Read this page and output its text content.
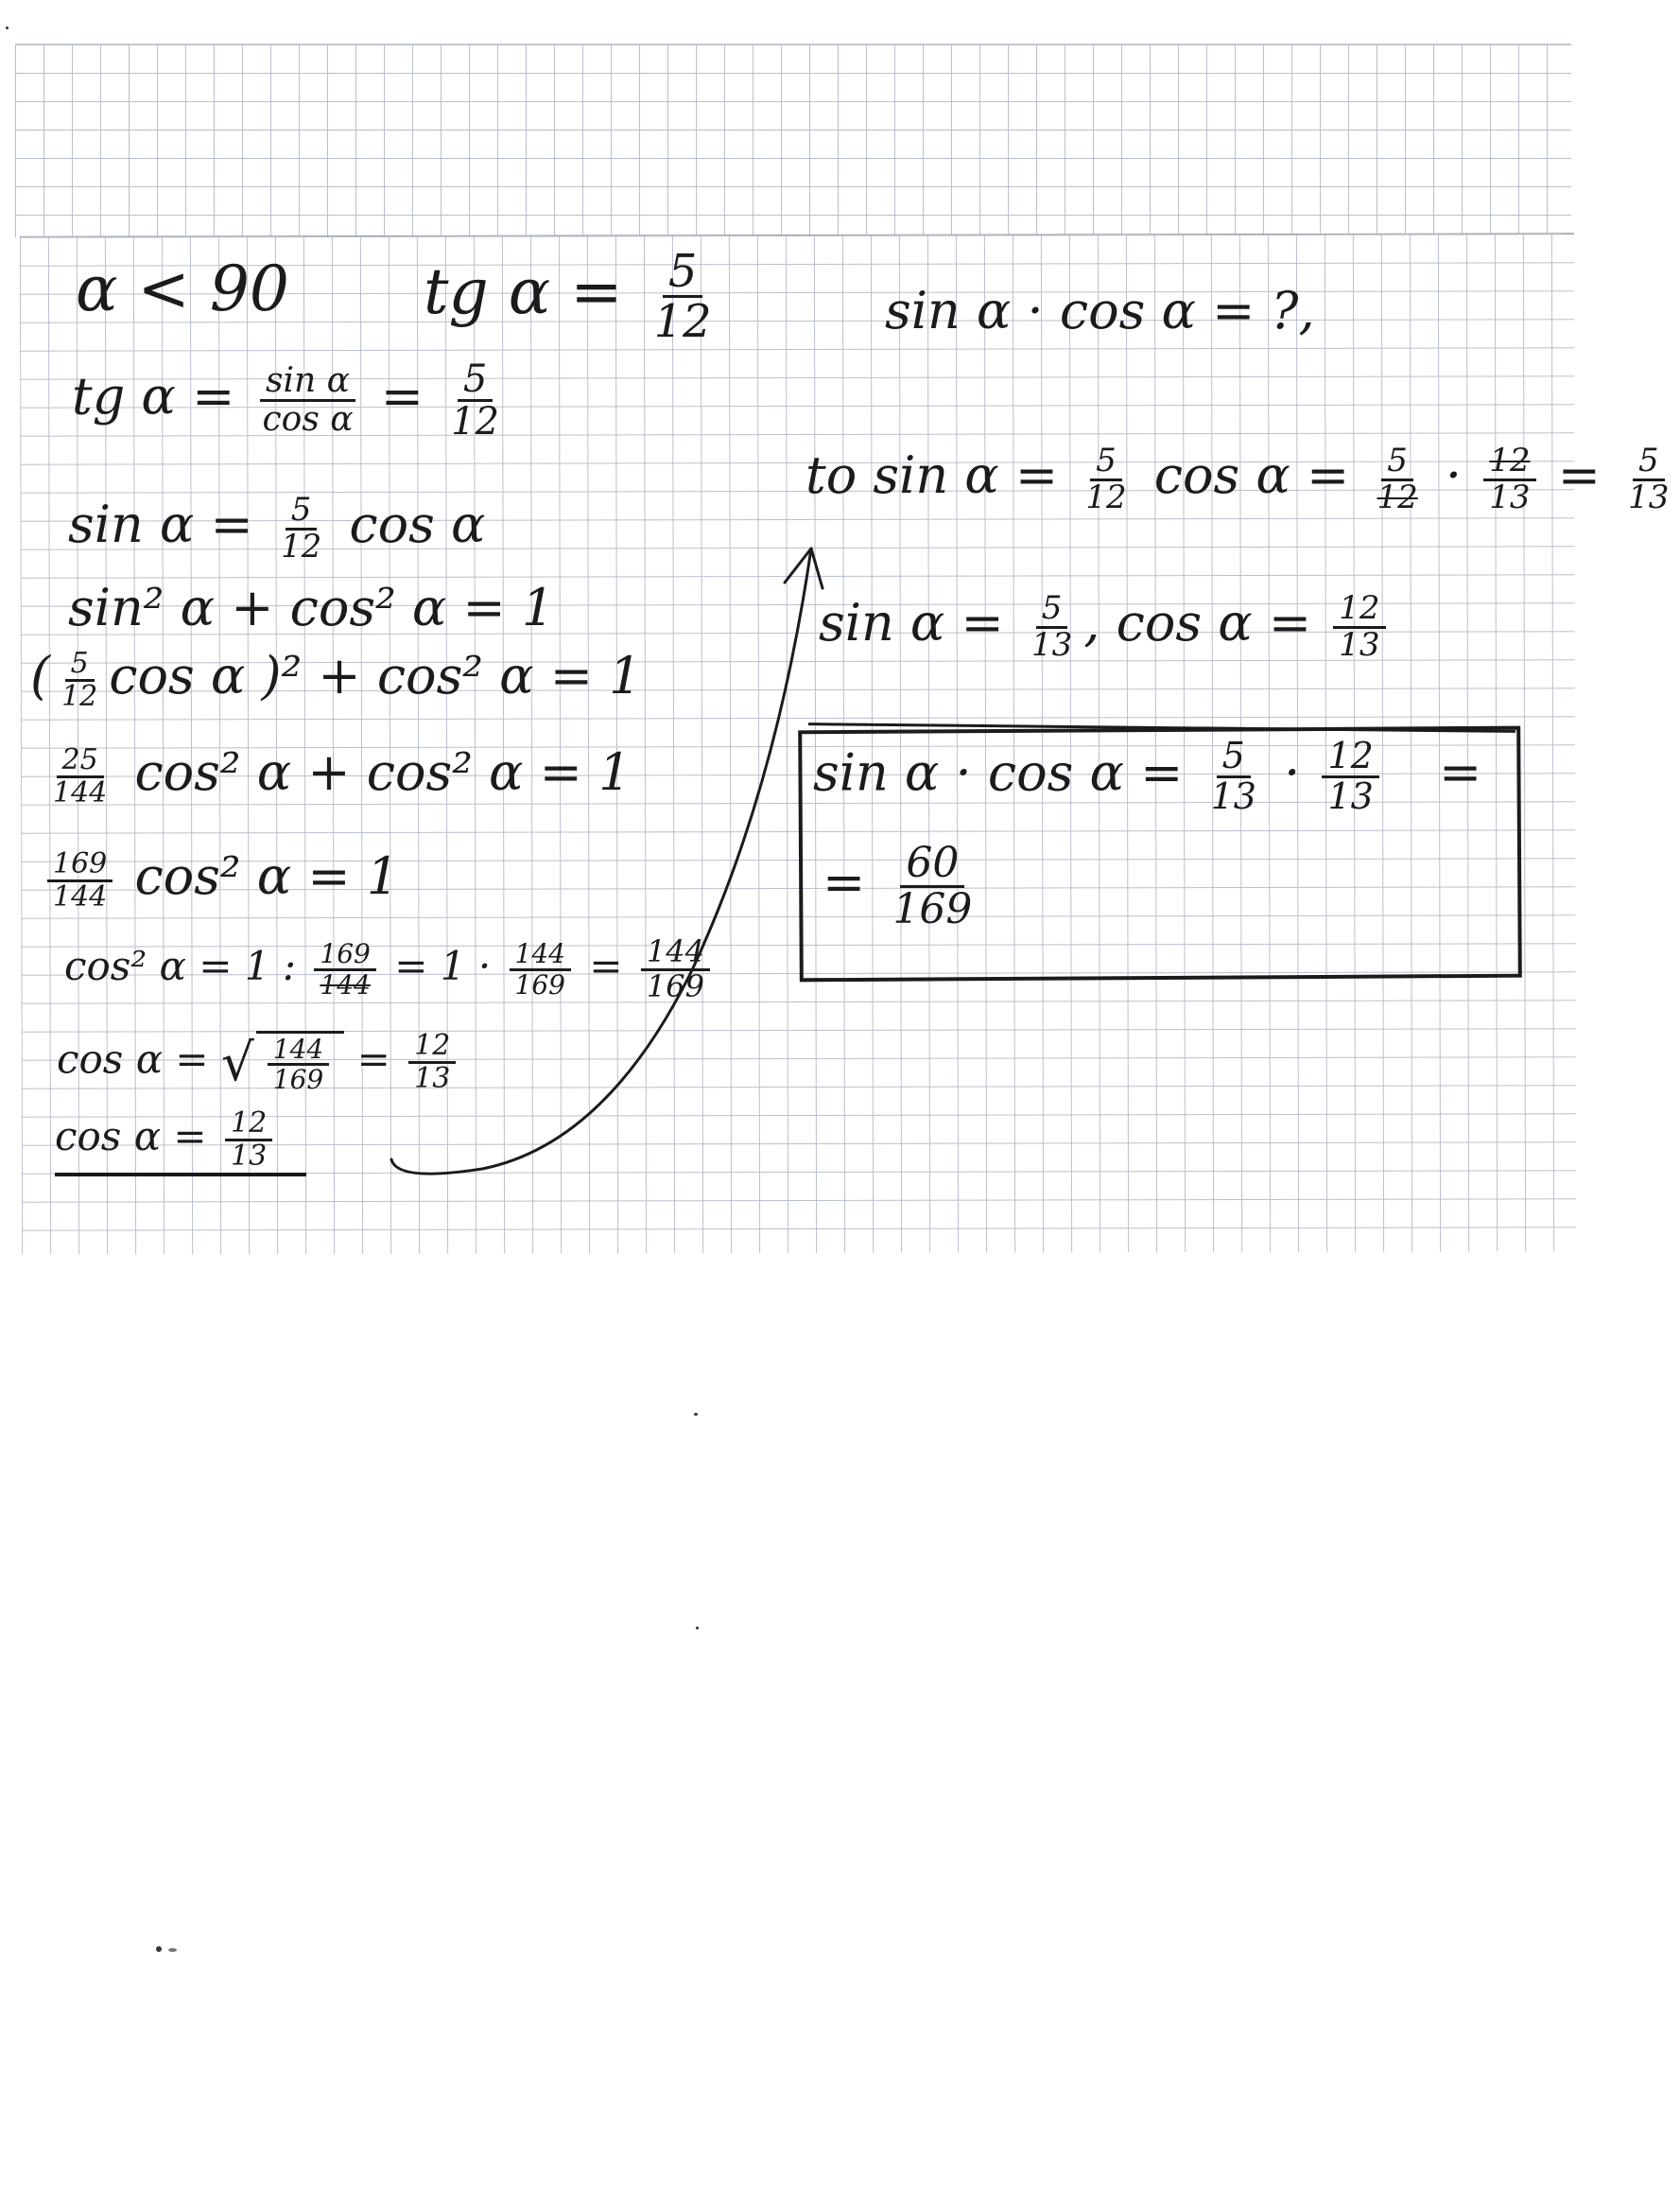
α < 90 tg $\alpha = \frac{5}{12}$
tg $\alpha = \frac{\text{sin α}}{\text{cos α}} = \frac{5}{12}$
$\sin \alpha = \frac{5}{12}$ cos α
sin² α + cos² α = 1
( $\frac{5}{12}$ cos α )² + cos² α = 1
$\frac{25}{144} \cos^2$ α + cos² α = 1
$\frac{169}{144} \cos^2$ α = 1
cos² α = 1 : $\frac{169}{144} = 1 \cdot \frac{144}{169} = \frac{144}{169}$
cos α = √ $\frac{144}{169} = \frac{12}{13}$
$\cos \alpha = \frac{12}{13}$
sin α · cos α = ?,
to $\sin \alpha = \frac{5}{12}$ $\cos \alpha = \frac{5}{12} \cdot \frac{12}{13} = \frac{5}{13}$
$\sin \alpha = \frac{5}{13}$ , $\cos \alpha = \frac{12}{13}$
$\sin \alpha \cdot \cos \alpha = \frac{5}{13} \cdot \frac{12}{13}$ =
= $\frac{60}{169}$
